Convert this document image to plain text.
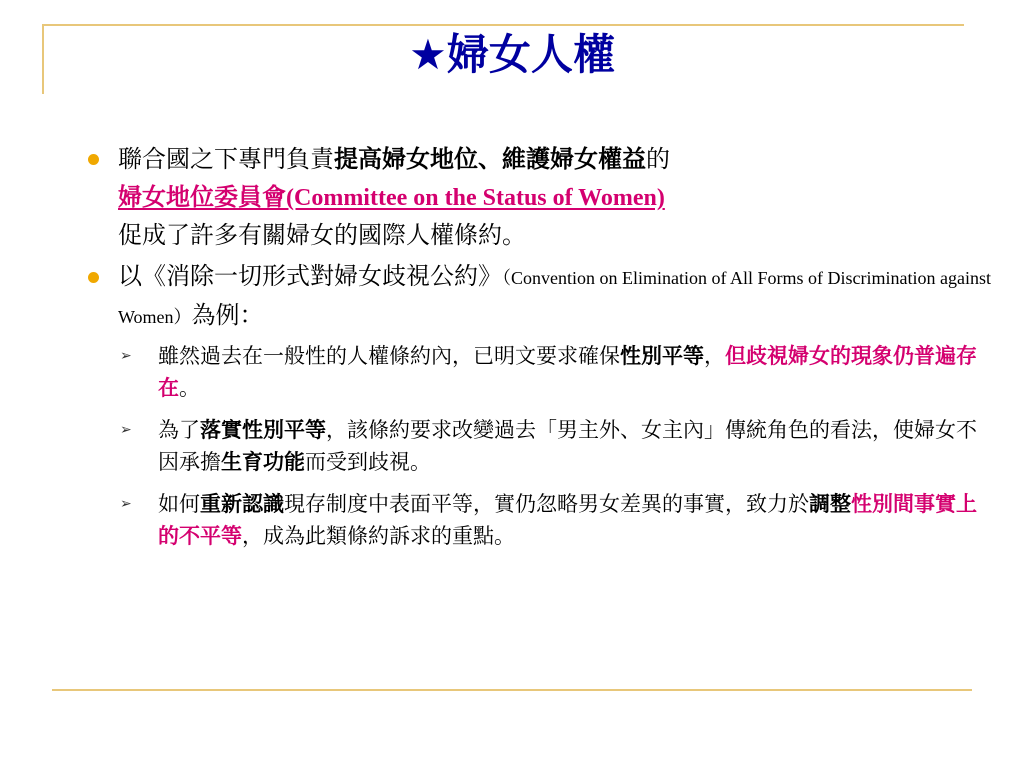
★婦女人權
聯合國之下專門負責提高婦女地位、維護婦女權益的
婦女地位委員會(Committee on the Status of Women)
促成了許多有關婦女的國際人權條約。
以《消除一切形式對婦女歧視公約》（Convention on Elimination of All Forms of Discrimination against Women）為例：
➢ 雖然過去在一般性的人權條約內，已明文要求確保性別平等，但歧視婦女的現象仍普遍存在。
➢ 為了落實性別平等，該條約要求改變過去「男主外、女主內」傳統角色的看法，使婦女不因承擔生育功能而受到歧視。
➢ 如何重新認識現存制度中表面平等，實仍忽略男女差異的事實，致力於調整性別間事實上的不平等，成為此類條約訴求的重點。
